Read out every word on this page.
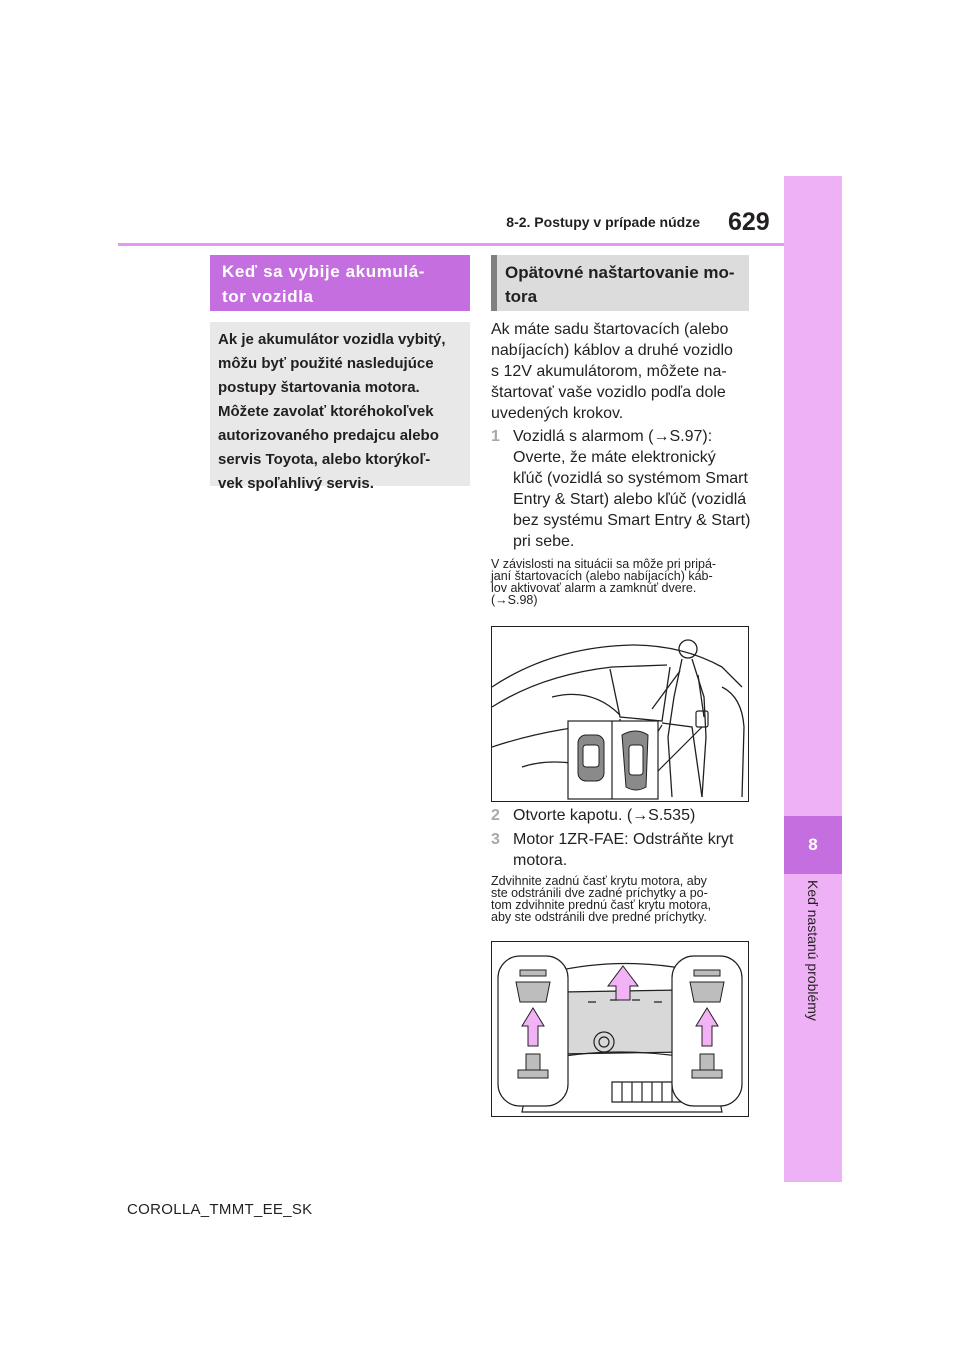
8
Keď nastanú problémy
8-2. Postupy v prípade núdze 629
Keď sa vybije akumulá-
tor vozidla
Ak je akumulátor vozidla vybitý,
môžu byť použité nasledujúce
postupy štartovania motora.
Môžete zavolať ktoréhokoľvek
autorizovaného predajcu alebo
servis Toyota, alebo ktorýkoľ-
vek spoľahlivý servis.
Opätovné naštartovanie mo-
tora
Ak máte sadu štartovacích (alebo
nabíjacích) káblov a druhé vozidlo
s 12V akumulátorom, môžete na-
štartovať vaše vozidlo podľa dole
uvedených krokov.
1 Vozidlá s alarmom (→S.97):
Overte, že máte elektronický
kľúč (vozidlá so systémom Smart
Entry & Start) alebo kľúč (vozidlá
bez systému Smart Entry & Start)
pri sebe.
V závislosti na situácii sa môže pri pripá-
janí štartovacích (alebo nabíjacích) káb-
lov aktivovať alarm a zamknúť dvere.
(→S.98)
2 Otvorte kapotu. (→S.535)
3 Motor 1ZR-FAE: Odstráňte kryt
motora.
Zdvihnite zadnú časť krytu motora, aby
ste odstránili dve zadné príchytky a po-
tom zdvihnite prednú časť krytu motora,
aby ste odstránili dve predné príchytky.
COROLLA_TMMT_EE_SK
